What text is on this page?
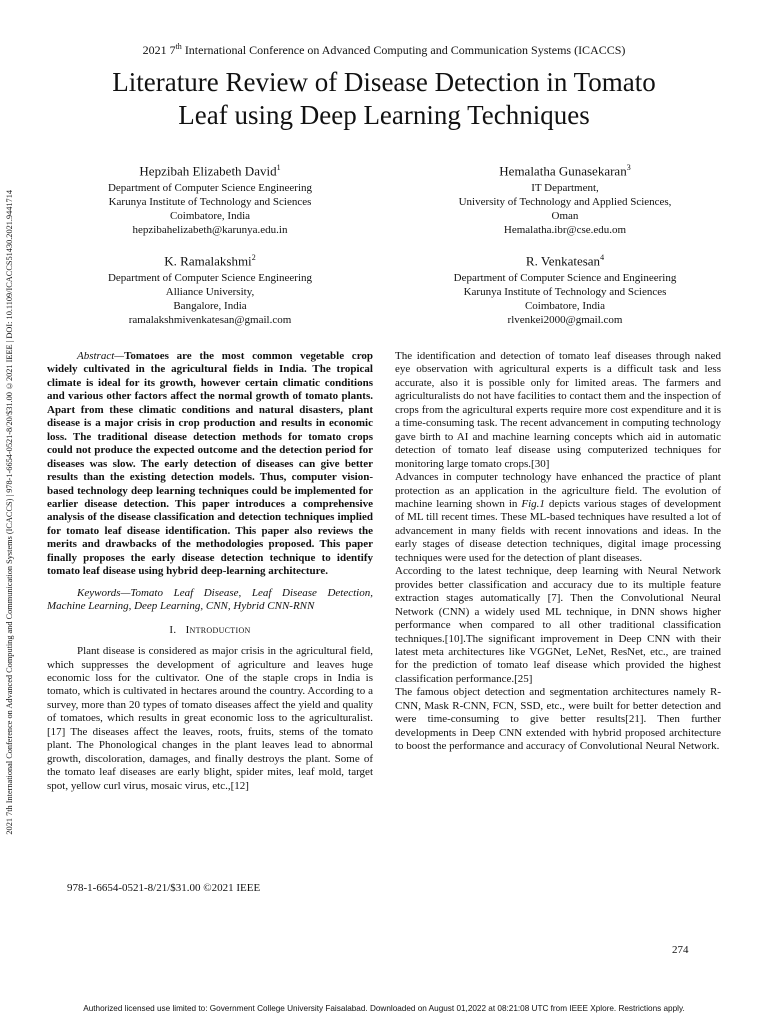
2021 7th International Conference on Advanced Computing and Communication Systems (ICACCS)
Literature Review of Disease Detection in Tomato
Leaf using Deep Learning Techniques
Hepzibah Elizabeth David$^1$
Department of Computer Science Engineering
Karunya Institute of Technology and Sciences
Coimbatore, India
hepzibahelizabeth@karunya.edu.in
Hemalatha Gunasekaran$^3$
IT Department,
University of Technology and Applied Sciences,
Oman
Hemalatha.ibr@cse.edu.om
K. Ramalakshmi$^2$
Department of Computer Science Engineering
Alliance University,
Bangalore, India
ramalakshmivenkatesan@gmail.com
R. Venkatesan$^4$
Department of Computer Science and Engineering
Karunya Institute of Technology and Sciences
Coimbatore, India
rlvenkei2000@gmail.com

Abstract—Tomatoes are the most common vegetable crop widely cultivated in the agricultural fields in India. The tropical climate is ideal for its growth, however certain climatic conditions and various other factors affect the normal growth of tomato plants. Apart from these climatic conditions and natural disasters, plant disease is a major crisis in crop production and results in economic loss. The traditional disease detection methods for tomato crops could not produce the expected outcome and the detection period for diseases was slow. The early detection of diseases can give better results than the existing detection models. Thus, computer vision-based technology deep learning techniques could be implemented for earlier disease detection. This paper introduces a comprehensive analysis of the disease classification and detection techniques implied for tomato leaf disease identification. This paper also reviews the merits and drawbacks of the methodologies proposed. This paper finally proposes the early disease detection technique to identify tomato leaf disease using hybrid deep-learning architecture.

Keywords—Tomato Leaf Disease, Leaf Disease Detection, Machine Learning, Deep Learning, CNN, Hybrid CNN-RNN

I. Introduction

Plant disease is considered as major crisis in the agricultural field, which suppresses the development of agriculture and leaves huge economic loss for the cultivator. One of the staple crops in India is tomato, which is cultivated in hectares around the country. According to a survey, more than 20 types of tomato diseases affect the yield and quality of tomatoes, which results in great economic loss to the agriculturalist.[17] The diseases affect the leaves, roots, fruits, stems of the tomato plant. The Phonological changes in the plant leaves lead to abnormal growth, discoloration, damages, and finally destroys the plant. Some of the tomato leaf diseases are early blight, spider mites, leaf mold, target spot, yellow curl virus, mosaic virus, etc.,[12]

The identification and detection of tomato leaf diseases through naked eye observation with agricultural experts is a difficult task and less accurate, also it is possible only for limited areas. The farmers and agriculturalists do not have facilities to contact them and the inspection of crops from the agricultural experts require more cost expenditure and it is a time-consuming task. The recent advancement in computing technology gave birth to AI and machine learning concepts which aid in automatic detection of tomato leaf disease using computerized techniques for monitoring large tomato crops.[30]

Advances in computer technology have enhanced the practice of plant protection as an application in the agriculture field. The evolution of machine learning shown in Fig.1 depicts various stages of development of ML till recent times. These ML-based techniques have resulted a lot of advancement in many fields with recent innovations and ideas. In the early stages of disease detection techniques, digital image processing techniques were used for the detection of plant diseases.

According to the latest technique, deep learning with Neural Network provides better classification and accuracy due to its multiple feature extraction stages automatically [7]. Then the Convolutional Neural Network (CNN) a widely used ML technique, in DNN shows higher performance when compared to all other traditional classification techniques.[10].The significant improvement in Deep CNN with their latest meta architectures like VGGNet, LeNet, ResNet, etc., are trained for the prediction of tomato leaf disease which provided the highest classification performance.[25]

The famous object detection and segmentation architectures namely R-CNN, Mask R-CNN, FCN, SSD, etc., were built for better detection and were time-consuming to give better results[21]. Then further developments in Deep CNN extended with hybrid proposed architecture to boost the performance and accuracy of Convolutional Neural Network.

2021 7th International Conference on Advanced Computing and Communication Systems (ICACCS) | 978-1-6654-0521-8/20/$31.00 ©2021 IEEE | DOI: 10.1109/ICACCS51430.2021.9441714
978-1-6654-0521-8/21/$31.00 ©2021 IEEE
274
Authorized licensed use limited to: Government College University Faisalabad. Downloaded on August 01,2022 at 08:21:08 UTC from IEEE Xplore. Restrictions apply.
